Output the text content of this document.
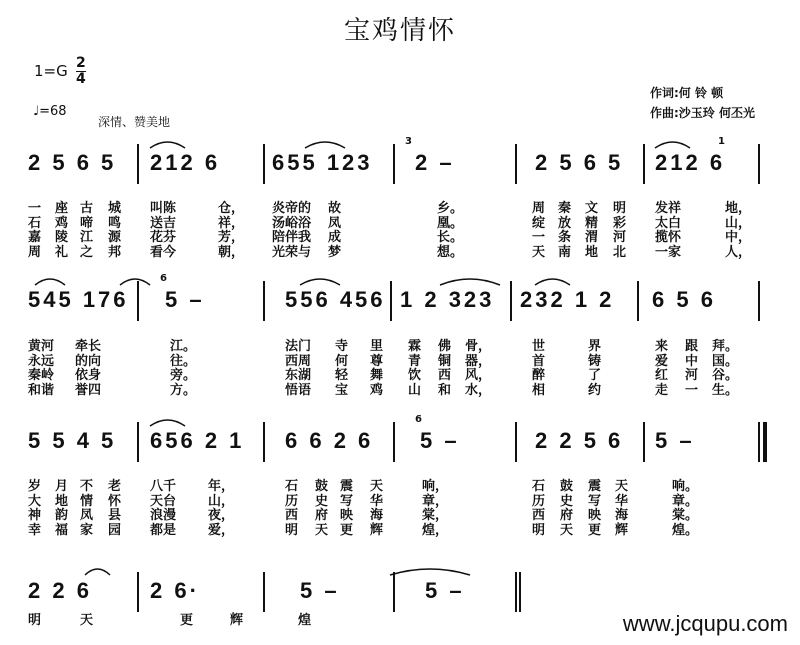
宝鸡情怀
1=G 2
4
♩=68
深情、赞美地
作词:何 铃 顿
作曲:沙玉玲 何丕光
2 5 6 5 212 6 655 123 2 –	2 5 6 5 212 6
3	1
一 座 古 城 叫陈	仓， 炎帝的 故	乡。	周 秦 文 明 发祥	地，
石 鸡 啼 鸣 送吉	祥， 汤峪浴 凤	凰。	绽 放 精 彩 太白	山，
嘉 陵 江 源 花芬	芳， 陪伴我 成	长。	一 条 渭 河 揽怀	中，
周 礼 之 邦 看今	朝， 光荣与 梦	想。	天 南 地 北 一家	人，
545 176 5 –	556 456 1 2 323 232 1 2 6 5 6
6
黄河 牵长	江。	法门 寺 里 霖 佛 骨，	世	界	来 跟 拜。
永远 的向	往。	西周 何 尊 青 铜 器，	首	铸	爱 中 国。
秦岭 依身	旁。	东湖 轻 舞 饮 西 风，	醉	了	红 河 谷。
和谐 誉四	方。	悟语 宝 鸡 山 和 水，	相	约	走 一 生。
5 5 4 5 656 2 1 6 6 2 6 5 –	2 2 5 6 5 –
6
岁 月 不 老 八千 年，	石 鼓 震 天	响，	石 鼓 震 天	响。
大 地 情 怀 天台 山，	历 史 写 华	章，	历 史 写 华	章。
神 韵 凤 县 浪漫 夜，	西 府 映 海	棠，	西 府 映 海	棠。
幸 福 家 园 都是 爱，	明 天 更 辉	煌，	明 天 更 辉	煌。
2 2 6	2 6·	5 –	5 –
明	天	更	辉	煌	www.jcqupu.com
